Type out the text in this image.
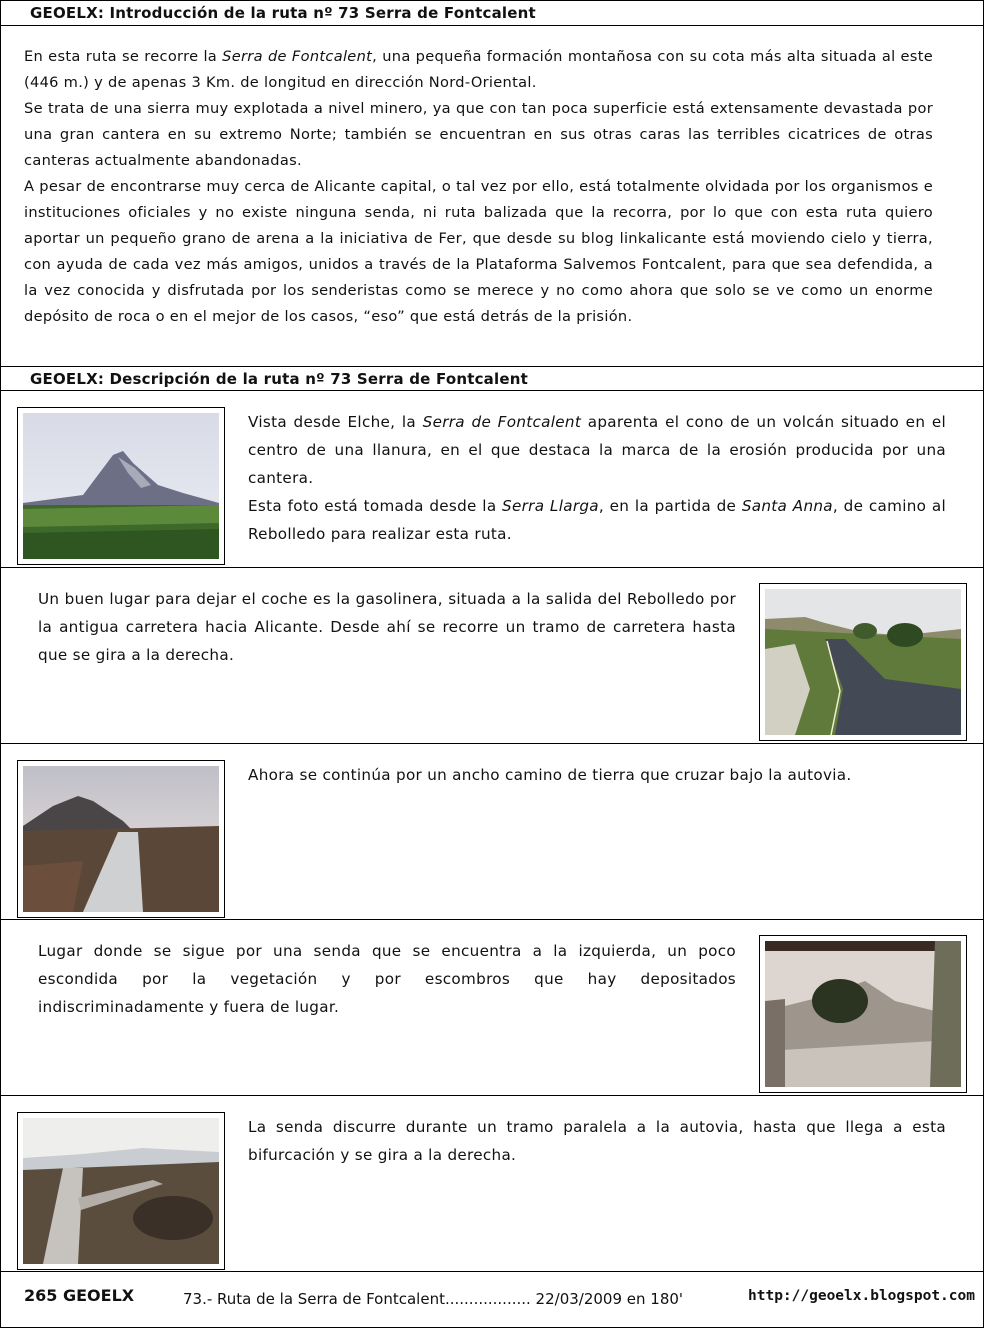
GEOELX: Introducción de la ruta nº 73 Serra de Fontcalent

En esta ruta se recorre la Serra de Fontcalent, una pequeña formación montañosa con su cota más alta situada al este (446 m.) y de apenas 3 Km. de longitud en dirección Nord-Oriental.

Se trata de una sierra muy explotada a nivel minero, ya que con tan poca superficie está extensamente devastada por una gran cantera en su extremo Norte; también se encuentran en sus otras caras las terribles cicatrices de otras canteras actualmente abandonadas.

A pesar de encontrarse muy cerca de Alicante capital, o tal vez por ello, está totalmente olvidada por los organismos e instituciones oficiales y no existe ninguna senda, ni ruta balizada que la recorra, por lo que con esta ruta quiero aportar un pequeño grano de arena a la iniciativa de Fer, que desde su blog linkalicante está moviendo cielo y tierra, con ayuda de cada vez más amigos, unidos a través de la Plataforma Salvemos Fontcalent, para que sea defendida, a la vez conocida y disfrutada por los senderistas como se merece y no como ahora que solo se ve como un enorme depósito de roca o en el mejor de los casos, “eso” que está detrás de la prisión.

GEOELX: Descripción de la ruta nº 73 Serra de Fontcalent

Vista desde Elche, la Serra de Fontcalent aparenta el cono de un volcán situado en el centro de una llanura, en el que destaca la marca de la erosión producida por una cantera.

Esta foto está tomada desde la Serra Llarga, en la partida de Santa Anna, de camino al Rebolledo para realizar esta ruta.

Un buen lugar para dejar el coche es la gasolinera, situada a la salida del Rebolledo por la antigua carretera hacia Alicante. Desde ahí se recorre un tramo de carretera hasta que se gira a la derecha.
Ahora se continúa por un ancho camino de tierra que cruzar bajo la autovia.
Lugar donde se sigue por una senda que se encuentra a la izquierda, un poco escondida por la vegetación y por escombros que hay depositados indiscriminadamente y fuera de lugar.
La senda discurre durante un tramo paralela a la autovia, hasta que llega a esta bifurcación y se gira a la derecha.
265 GEOELX	73.- Ruta de la Serra de Fontcalent.................. 22/03/2009 en 180'	http://geoelx.blogspot.com
